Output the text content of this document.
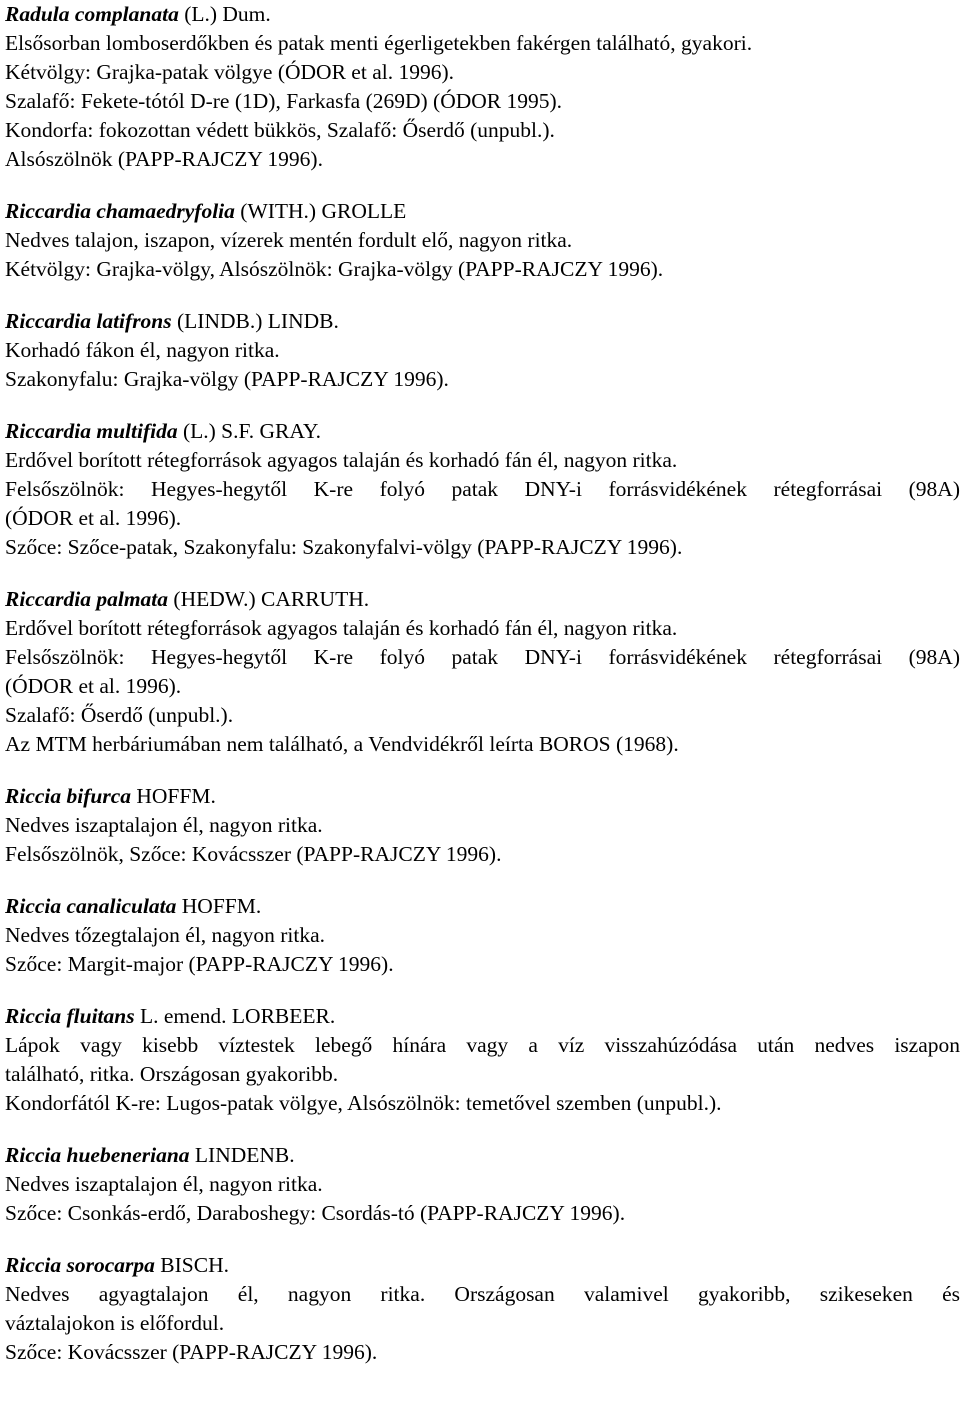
Radula complanata (L.) Dum.
Elsősorban lomboserdőkben és patak menti égerligetekben fakérgen található, gyakori.
Kétvölgy: Grajka-patak völgye (ÓDOR et al. 1996).
Szalafő: Fekete-tótól D-re (1D), Farkasfa (269D) (ÓDOR 1995).
Kondorfa: fokozottan védett bükkös, Szalafő: Őserdő (unpubl.).
Alsószölnök (PAPP-RAJCZY 1996).
Riccardia chamaedryfolia (WITH.) GROLLE
Nedves talajon, iszapon, vízerek mentén fordult elő, nagyon ritka.
Kétvölgy: Grajka-völgy, Alsószölnök: Grajka-völgy (PAPP-RAJCZY 1996).
Riccardia latifrons (LINDB.) LINDB.
Korhadó fákon él, nagyon ritka.
Szakonyfalu: Grajka-völgy (PAPP-RAJCZY 1996).
Riccardia multifida (L.) S.F. GRAY.
Erdővel borított rétegforrások agyagos talaján és korhadó fán él, nagyon ritka.
Felsőszölnök: Hegyes-hegytől K-re folyó patak DNY-i forrásvidékének rétegforrásai (98A)
(ÓDOR et al. 1996).
Szőce: Szőce-patak, Szakonyfalu: Szakonyfalvi-völgy (PAPP-RAJCZY 1996).
Riccardia palmata (HEDW.) CARRUTH.
Erdővel borított rétegforrások agyagos talaján és korhadó fán él, nagyon ritka.
Felsőszölnök: Hegyes-hegytől K-re folyó patak DNY-i forrásvidékének rétegforrásai (98A)
(ÓDOR et al. 1996).
Szalafő: Őserdő (unpubl.).
Az MTM herbáriumában nem található, a Vendvidékről leírta BOROS (1968).
Riccia bifurca HOFFM.
Nedves iszaptalajon él, nagyon ritka.
Felsőszölnök, Szőce: Kovácsszer (PAPP-RAJCZY 1996).
Riccia canaliculata HOFFM.
Nedves tőzegtalajon él, nagyon ritka.
Szőce: Margit-major (PAPP-RAJCZY 1996).
Riccia fluitans L. emend. LORBEER.
Lápok vagy kisebb víztestek lebegő hínára vagy a víz visszahúzódása után nedves iszapon
található, ritka. Országosan gyakoribb.
Kondorfától K-re: Lugos-patak völgye, Alsószölnök: temetővel szemben (unpubl.).
Riccia huebeneriana LINDENB.
Nedves iszaptalajon él, nagyon ritka.
Szőce: Csonkás-erdő, Daraboshegy: Csordás-tó (PAPP-RAJCZY 1996).
Riccia sorocarpa BISCH.
Nedves agyagtalajon él, nagyon ritka. Országosan valamivel gyakoribb, szikeseken és
váztalajokon is előfordul.
Szőce: Kovácsszer (PAPP-RAJCZY 1996).
